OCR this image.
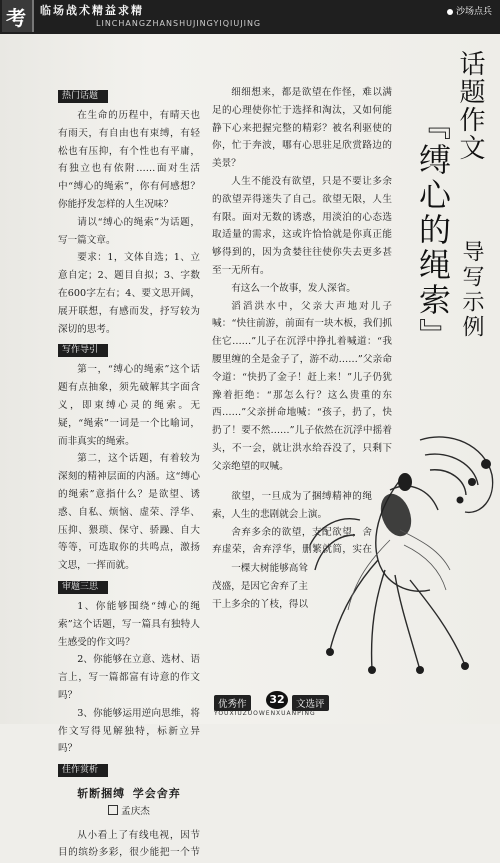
考 临场战术精益求精
LINCHANGZHANSHUJINGYIQIUJING
沙场点兵
话题作文
『缚心的绳索』 导写示例
热门话题

在生命的历程中，有晴天也有雨天，有自由也有束缚，有轻松也有压抑，有个性也有平庸，有独立也有依附……面对生活中“缚心的绳索”，你有何感想？你能抒发怎样的人生况味？

请以“缚心的绳索”为话题，写一篇文章。

要求：1，文体自选；1、立意自定；2、题目自拟；3、字数在600字左右；4、要文思开阔，展开联想，有感而发，抒写较为深切的思考。

写作导引

第一，“缚心的绳索”这个话题有点抽象，须先破解其字面含义，即束缚心灵的绳索。无疑，“绳索”一词是一个比喻词，而非真实的绳索。

第二，这个话题，有着较为深刻的精神层面的内涵。这“缚心的绳索”意指什么？是欲望、诱惑、自私、烦恼、虚荣、浮华、压抑、猥琐、保守、骄躁、自大等等，可选取你的共鸣点，激扬文思，一挥而就。

审题三思

1、你能够围绕“缚心的绳索”这个话题，写一篇具有独特人生感受的作文吗？

2、你能够在立意、选材、语言上，写一篇都富有诗意的作文吗？

3、你能够运用逆向思维，将作文写得见解独特，标新立异吗？

佳作赏析
斩断捆缚 学会舍弃
孟庆杰

从小看上了有线电视，因节目的缤纷多彩，很少能把一个节

细细想来，都是欲望在作怪，难以满足的心理使你忙于选择和淘汰，又如何能静下心来把握完整的精彩？被名利驱使的你，忙于奔波，哪有心思驻足欣赏路边的美景？

人生不能没有欲望，只是不要让多余的欲望弄得迷失了自己。欲望无限，人生有限。面对无数的诱惑，用淡泊的心态选取适量的需求，这或许恰恰就是你真正能够得到的，因为贪婪往往使你失去更多甚至一无所有。

有这么一个故事，发人深省。

滔滔洪水中，父亲大声地对儿子喊：“快往前游，前面有一块木板，我们抓住它……”儿子在沉浮中挣扎着喊道：“我腰里缠的全是金子了，游不动……”父亲命令道：“快扔了金子！赶上来！”儿子仍犹豫着拒绝：“那怎么行？这么贵重的东西……”父亲拼命地喊：“孩子，扔了，快扔了！要不然……”儿子依然在沉浮中摇着头，不一会，就让洪水给吞没了，只剩下父亲绝望的叹喊。

欲望，一旦成为了捆缚精神的绳索，人生的悲剧就会上演。

舍弃多余的欲望，支配欲望，舍弃虚荣，舍弃浮华，删繁就简，实在

一棵大树能够高耸茂盛，是因它舍弃了主干上多余的丫枝，得以

优秀作	32	文选评
YOUXIUZUOWENXUANPING
